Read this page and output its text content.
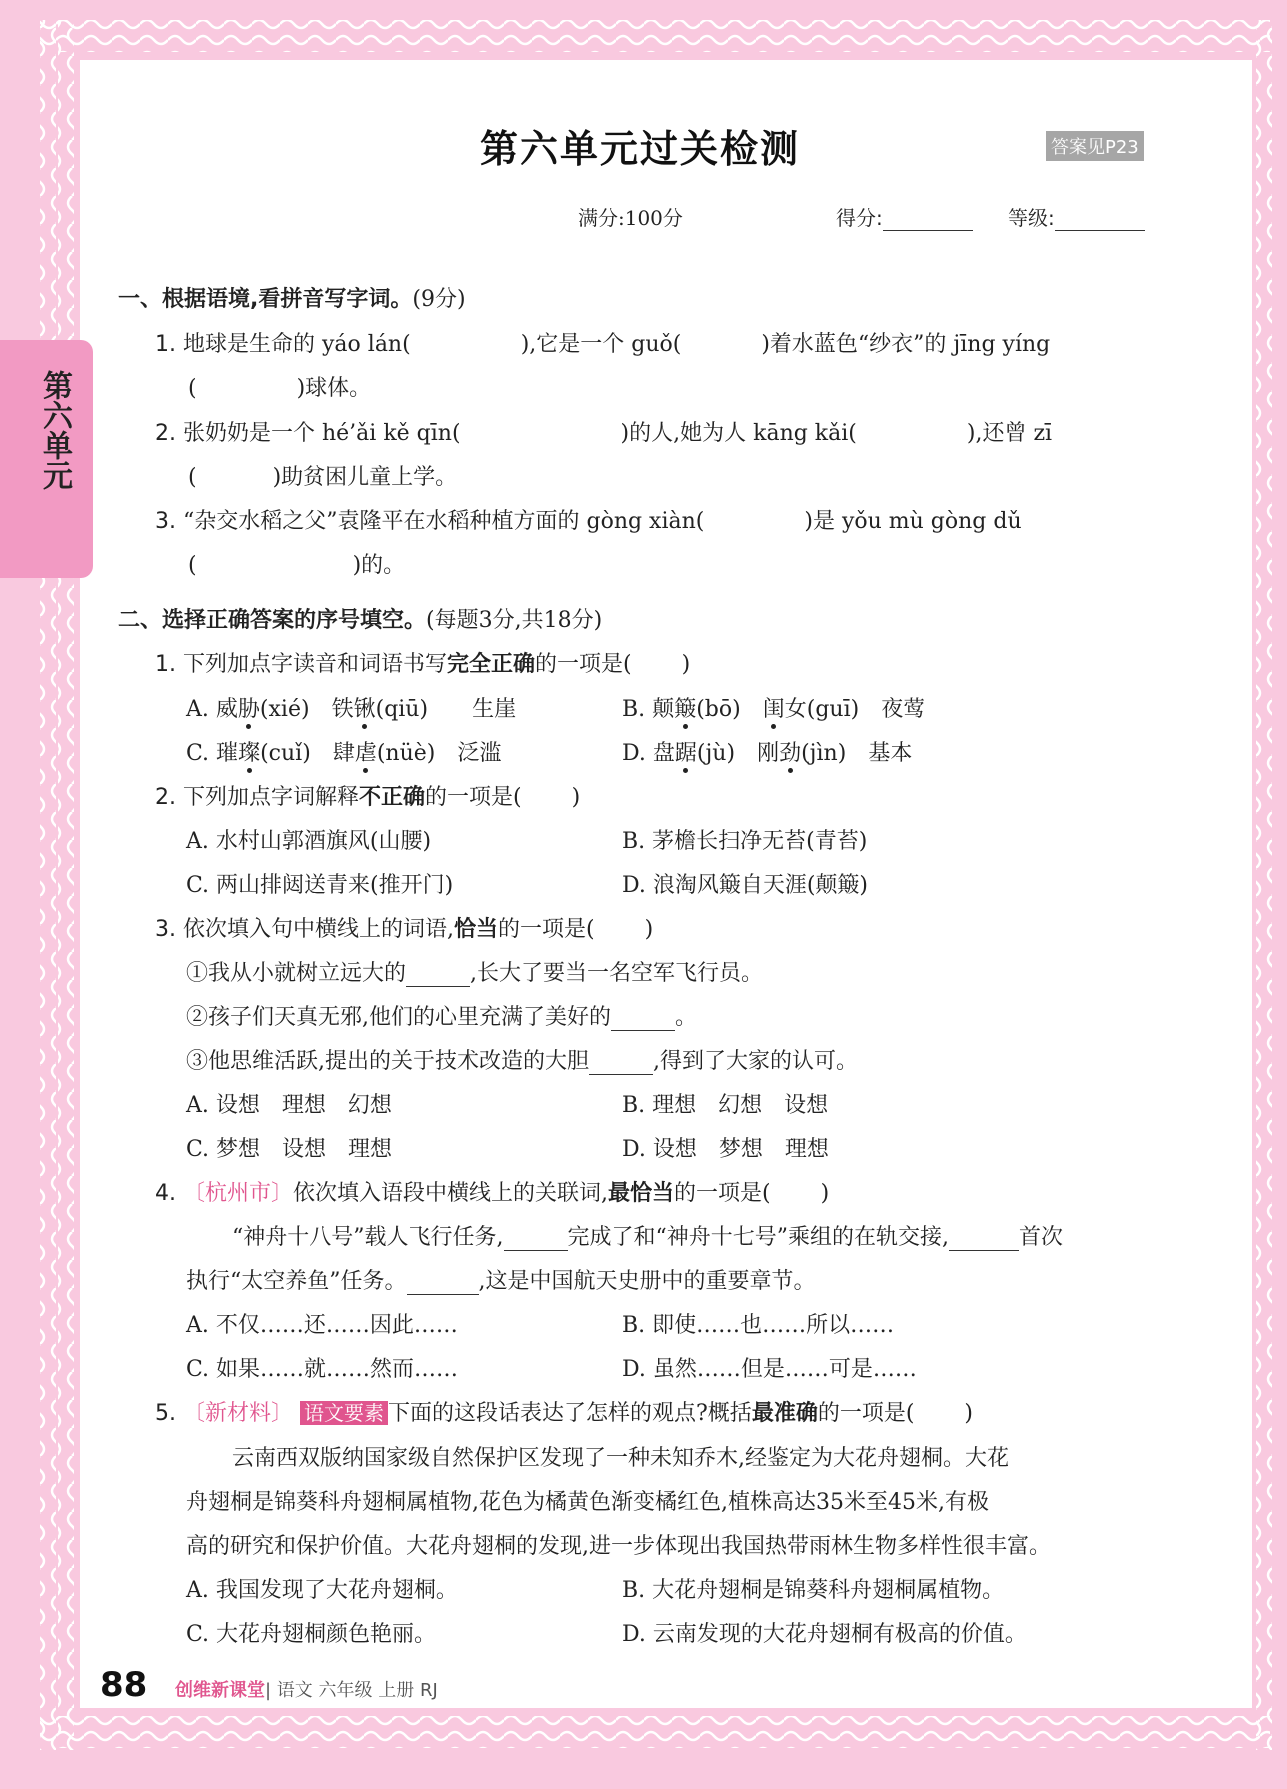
第六单元
第六单元过关检测	答案见P23
满分:100分	得分:	等级:
一、根据语境,看拼音写字词。(9分)
1. 地球是生命的 yáo lán(	),它是一个 guǒ(	)着水蓝色“纱衣”的 jīng yíng
(	)球体。
2. 张奶奶是一个 hé’ǎi kě qīn(	)的人,她为人 kāng kǎi(	),还曾 zī
(	)助贫困儿童上学。
3. “杂交水稻之父”袁隆平在水稻种植方面的 gòng xiàn(	)是 yǒu mù gòng dǔ
(	)的。
二、选择正确答案的序号填空。(每题3分,共18分)
1. 下列加点字读音和词语书写完全正确的一项是( )
A. 威胁(xié)　 铁锹(qiū)　　 生崖	B. 颠簸(bō)　 闺女(guī)　 夜莺
C. 璀璨(cuǐ)　 肆虐(nüè)　 泛滥	D. 盘踞(jù)　 刚劲(jìn)　 基本
2. 下列加点字词解释不正确的一项是( )
A. 水村山郭酒旗风(山腰)	B. 茅檐长扫净无苔(青苔)
C. 两山排闼送青来(推开门)	D. 浪淘风簸自天涯(颠簸)
3. 依次填入句中横线上的词语,恰当的一项是( )
①我从小就树立远大的	,长大了要当一名空军飞行员。
②孩子们天真无邪,他们的心里充满了美好的	。
③他思维活跃,提出的关于技术改造的大胆	,得到了大家的认可。
A. 设想　理想　幻想	B. 理想　幻想　设想
C. 梦想　设想　理想	D. 设想　梦想　理想
4. 〔杭州市〕依次填入语段中横线上的关联词,最恰当的一项是( )
“神舟十八号”载人飞行任务,	完成了和“神舟十七号”乘组的在轨交接,	首次
执行“太空养鱼”任务。	,这是中国航天史册中的重要章节。
A. 不仅……还……因此……	B. 即使……也……所以……
C. 如果……就……然而……	D. 虽然……但是……可是……
5. 〔新材料〕 语文要素 下面的这段话表达了怎样的观点?概括最准确的一项是( )
云南西双版纳国家级自然保护区发现了一种未知乔木,经鉴定为大花舟翅桐。大花
舟翅桐是锦葵科舟翅桐属植物,花色为橘黄色渐变橘红色,植株高达35米至45米,有极
高的研究和保护价值。大花舟翅桐的发现,进一步体现出我国热带雨林生物多样性很丰富。
A. 我国发现了大花舟翅桐。	B. 大花舟翅桐是锦葵科舟翅桐属植物。
C. 大花舟翅桐颜色艳丽。	D. 云南发现的大花舟翅桐有极高的价值。
88 创维新课堂| 语文 六年级 上册 RJ
